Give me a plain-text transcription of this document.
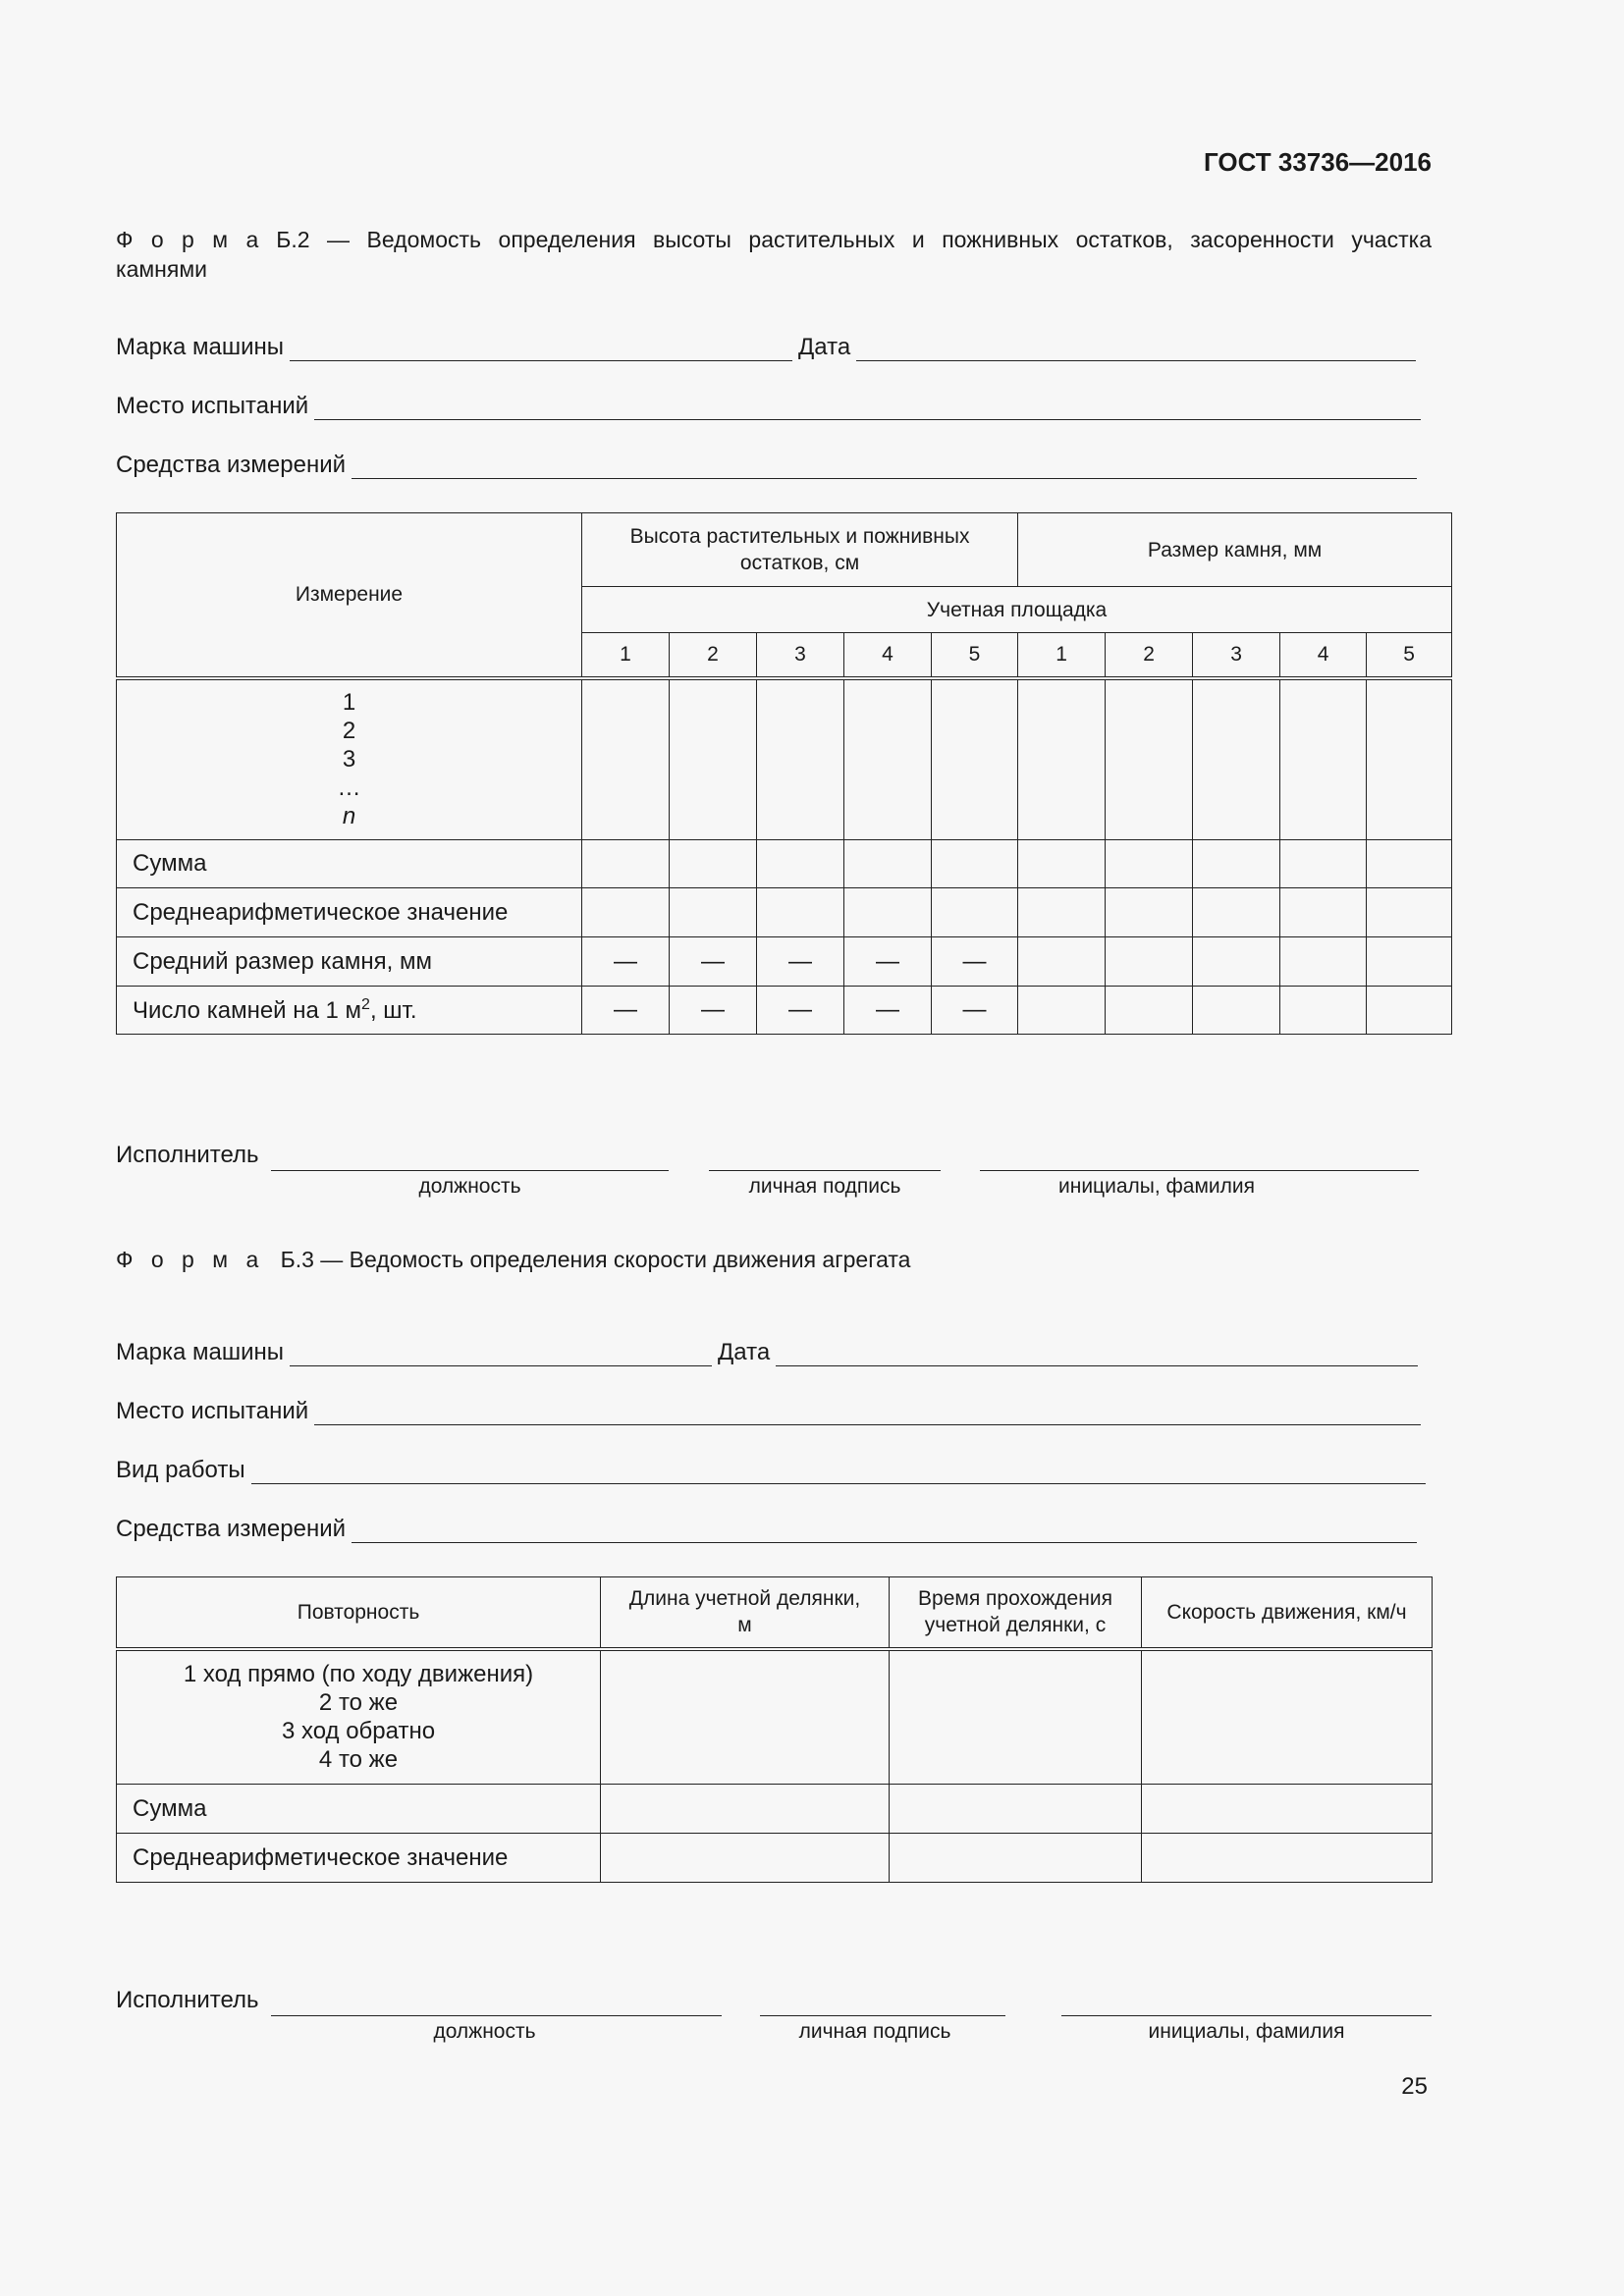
ГОСТ 33736—2016
Ф о р м а Б.2 — Ведомость определения высоты растительных и пожнивных остатков, засоренности участка
камнями
Марка машины	Дата
Место испытаний
Средства измерений
Измерение	Высота растительных и пожнивных остатков, см					Размер камня, мм				
	Учетная площадка									
	1	2	3	4	5	1	2	3	4	5

1
2
3
…
n										

Сумма										
Среднеарифметическое значение										
Средний размер камня, мм	—	—	—	—	—					
Число камней на 1 $м^2$, шт.	—	—	—	—	—					
Исполнитель
должность	личная подпись	инициалы, фамилия
Ф о р м а Б.3 — Ведомость определения скорости движения агрегата
Марка машины	Дата
Место испытаний
Вид работы
Средства измерений
Повторность	Длина учетной делянки, м	Время прохождения учетной делянки, с	Скорость движения, км/ч

1 ход прямо (по ходу движения)
2 то же
3 ход обратно
4 то же			

Сумма			
Среднеарифметическое значение			
Исполнитель
должность	личная подпись	инициалы, фамилия
25
